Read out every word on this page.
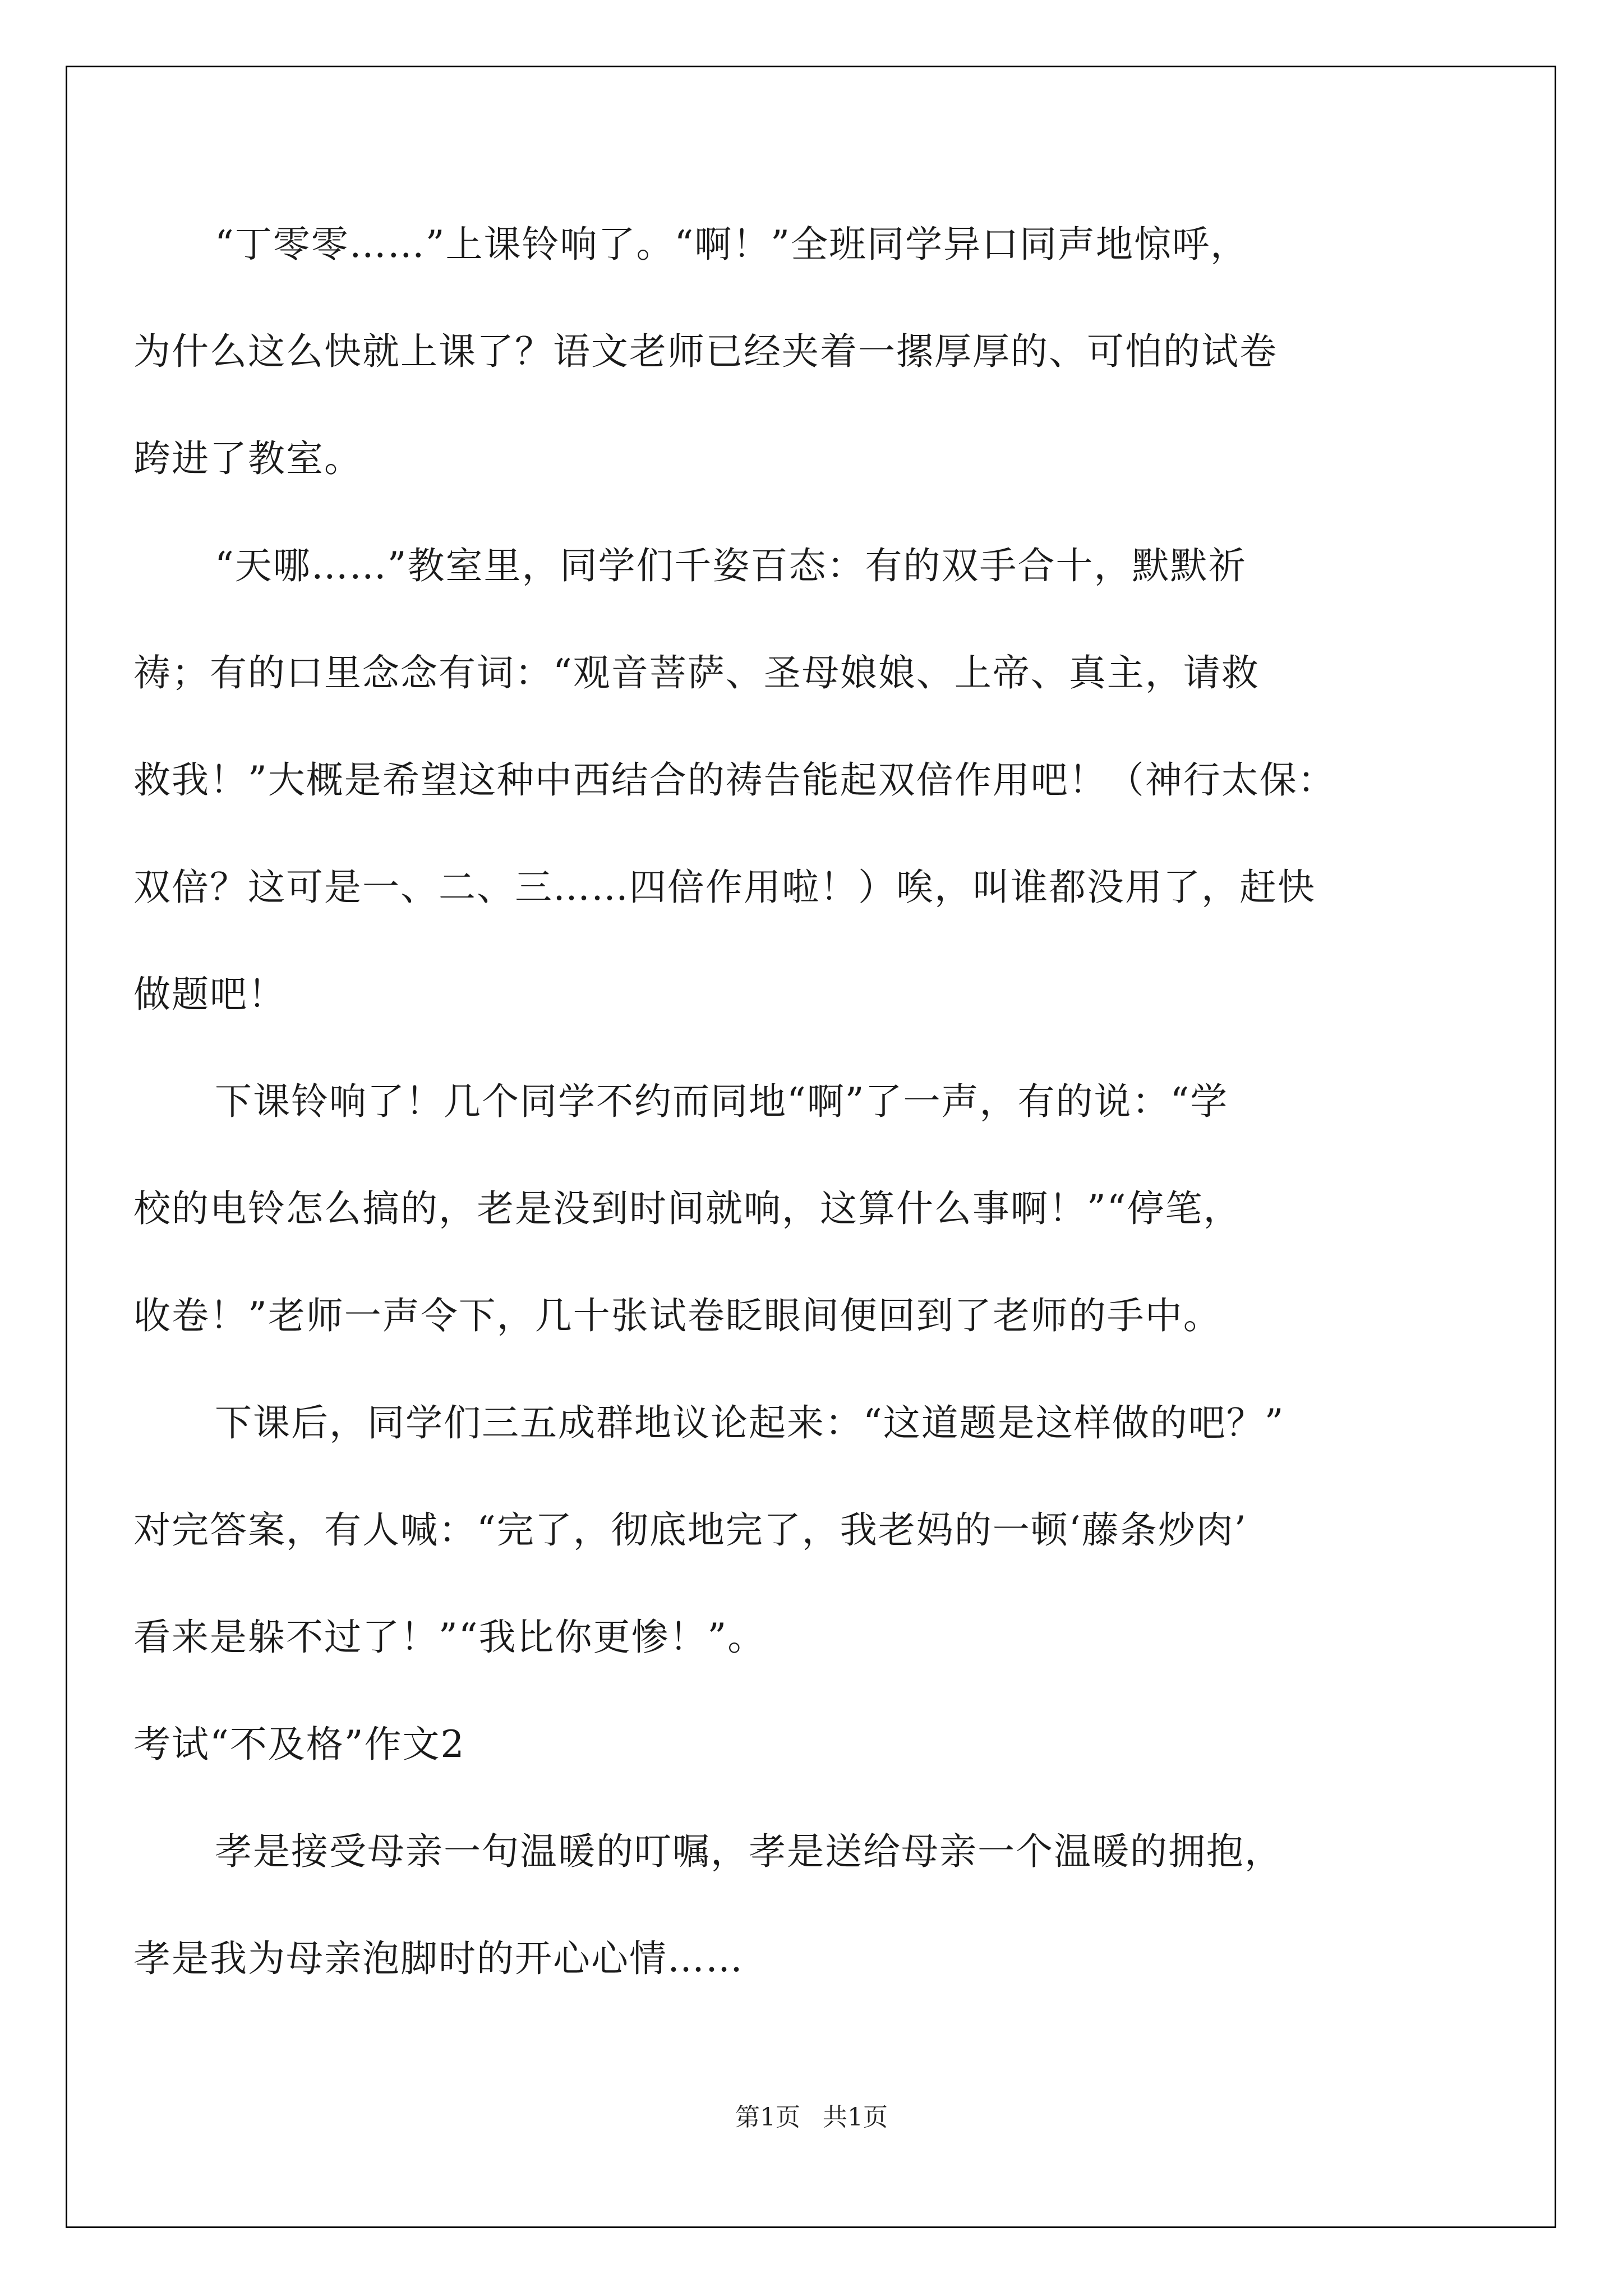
“丁零零……”上课铃响了。“啊！”全班同学异口同声地惊呼，
为什么这么快就上课了？语文老师已经夹着一摞厚厚的、可怕的试卷
跨进了教室。
“天哪……”教室里，同学们千姿百态：有的双手合十，默默祈
祷；有的口里念念有词：“观音菩萨、圣母娘娘、上帝、真主，请救
救我！”大概是希望这种中西结合的祷告能起双倍作用吧！（神行太保：
双倍？这可是一、二、三……四倍作用啦！）唉，叫谁都没用了，赶快
做题吧！
下课铃响了！几个同学不约而同地“啊”了一声，有的说：“学
校的电铃怎么搞的，老是没到时间就响，这算什么事啊！”“停笔，
收卷！”老师一声令下，几十张试卷眨眼间便回到了老师的手中。
下课后，同学们三五成群地议论起来：“这道题是这样做的吧？”
对完答案，有人喊：“完了，彻底地完了，我老妈的一顿‘藤条炒肉’
看来是躲不过了！”“我比你更惨！”。
考试“不及格”作文2
孝是接受母亲一句温暖的叮嘱，孝是送给母亲一个温暖的拥抱，
孝是我为母亲泡脚时的开心心情……
第1页 共1页
